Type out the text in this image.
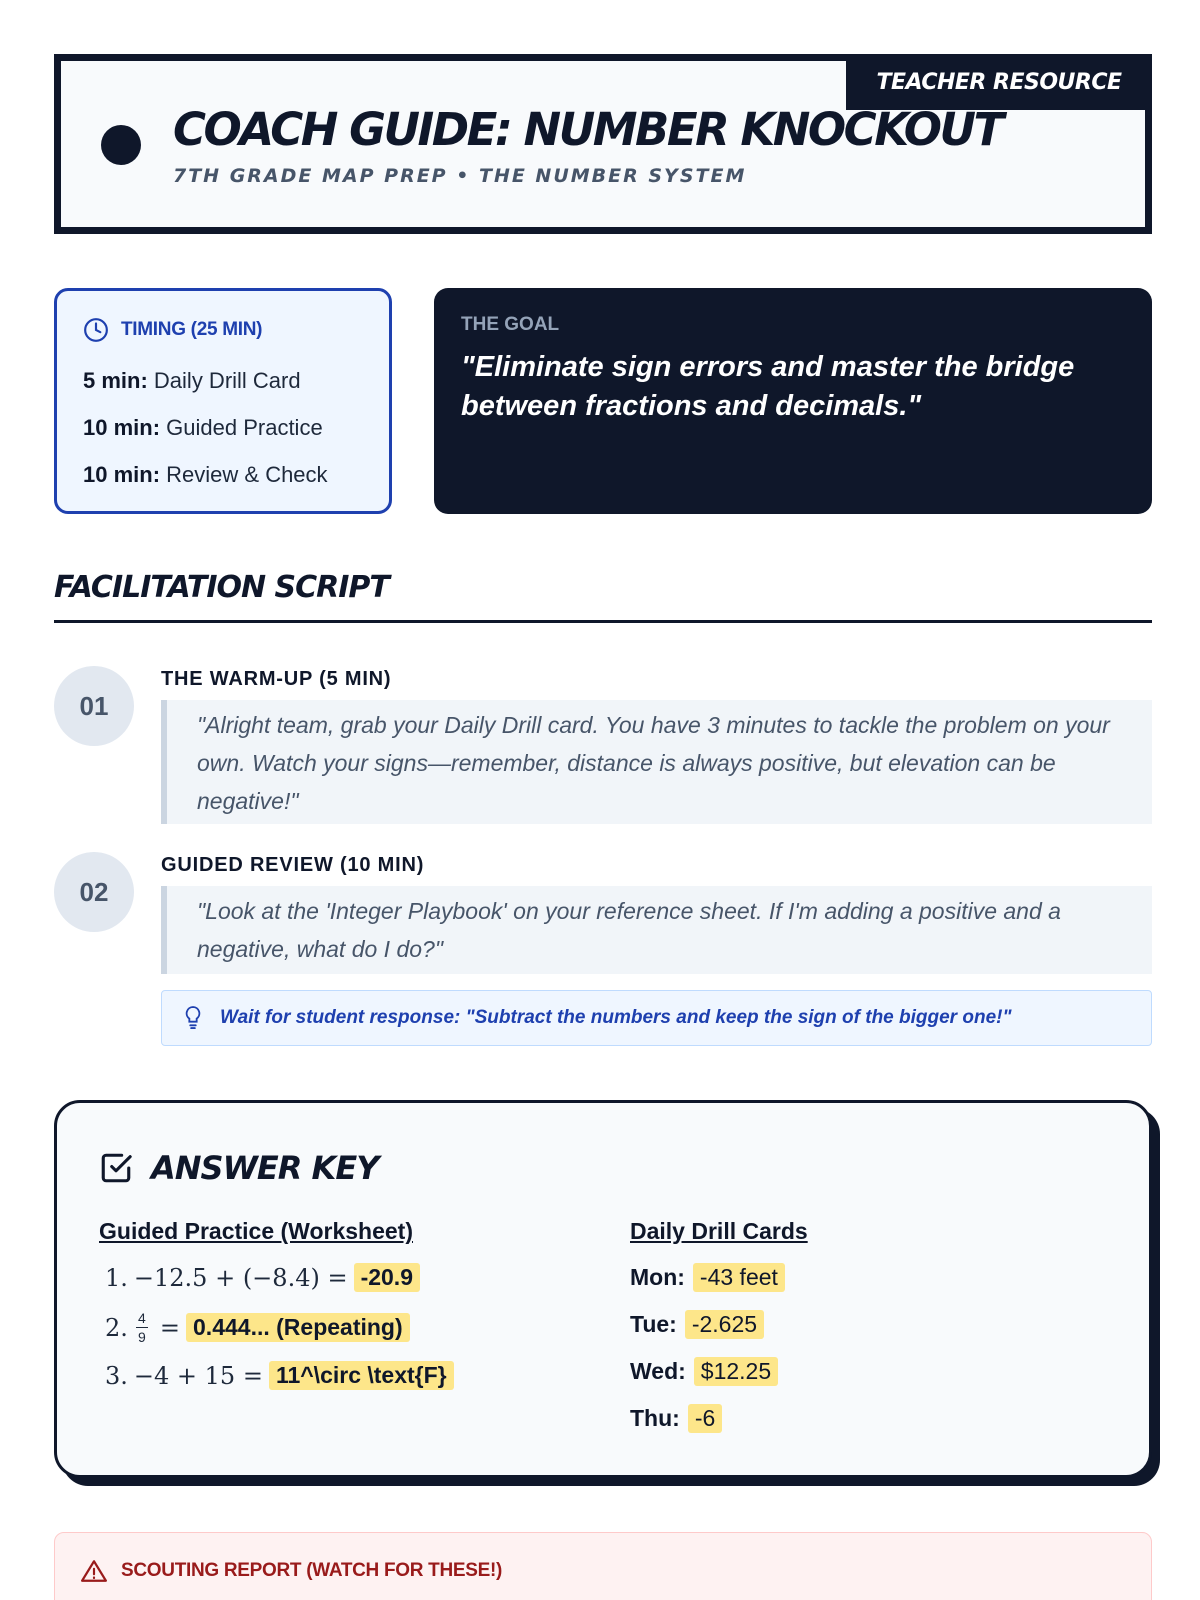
TEACHER RESOURCE
COACH GUIDE: NUMBER KNOCKOUT
7TH GRADE MAP PREP • THE NUMBER SYSTEM
TIMING (25 MIN)
5 min: Daily Drill Card
10 min: Guided Practice
10 min: Review & Check
THE GOAL
"Eliminate sign errors and master the bridge between fractions and decimals."
FACILITATION SCRIPT
01
THE WARM-UP (5 MIN)
"Alright team, grab your Daily Drill card. You have 3 minutes to tackle the problem on your own. Watch your signs—remember, distance is always positive, but elevation can be negative!"
02
GUIDED REVIEW (10 MIN)
"Look at the 'Integer Playbook' on your reference sheet. If I'm adding a positive and a negative, what do I do?"
Wait for student response: "Subtract the numbers and keep the sign of the bigger one!"
ANSWER KEY
Guided Practice (Worksheet)
1. −12.5 + (−8.4) = -20.9
2. $\frac{4}{9} = 0.444$... (Repeating)
3. −4 + 15 = 11^\circ \text{F}
Daily Drill Cards
Mon: -43 feet
Tue: -2.625
Wed: $12.25
Thu: -6
SCOUTING REPORT (WATCH FOR THESE!)
